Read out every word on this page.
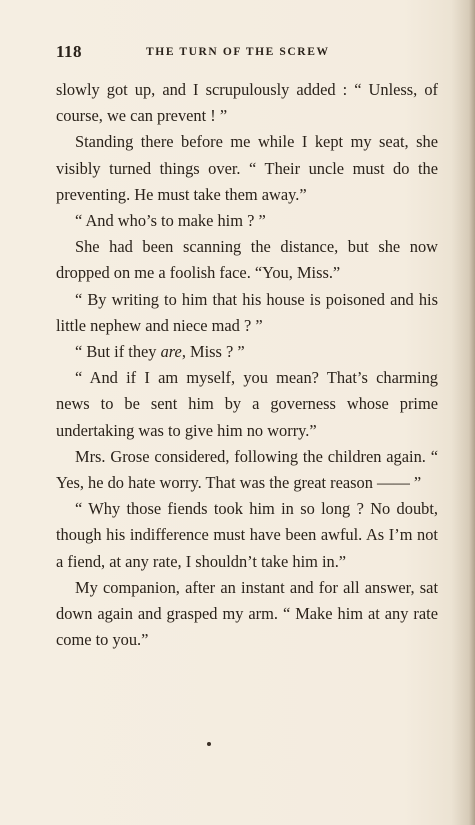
118	THE TURN OF THE SCREW

slowly got up, and I scrupulously added : “ Unless, of course, we can prevent ! ”

Standing there before me while I kept my seat, she visibly turned things over. “ Their uncle must do the preventing. He must take them away.”

“ And who’s to make him ? ”

She had been scanning the distance, but she now dropped on me a foolish face. “You, Miss.”

“ By writing to him that his house is poisoned and his little nephew and niece mad ? ”

“ But if they are, Miss ? ”

“ And if I am myself, you mean? That’s charming news to be sent him by a governess whose prime undertaking was to give him no worry.”

Mrs. Grose considered, following the children again. “ Yes, he do hate worry. That was the great reason —— ”

“ Why those fiends took him in so long ? No doubt, though his indifference must have been awful. As I’m not a fiend, at any rate, I shouldn’t take him in.”

My companion, after an instant and for all answer, sat down again and grasped my arm. “ Make him at any rate come to you.”
